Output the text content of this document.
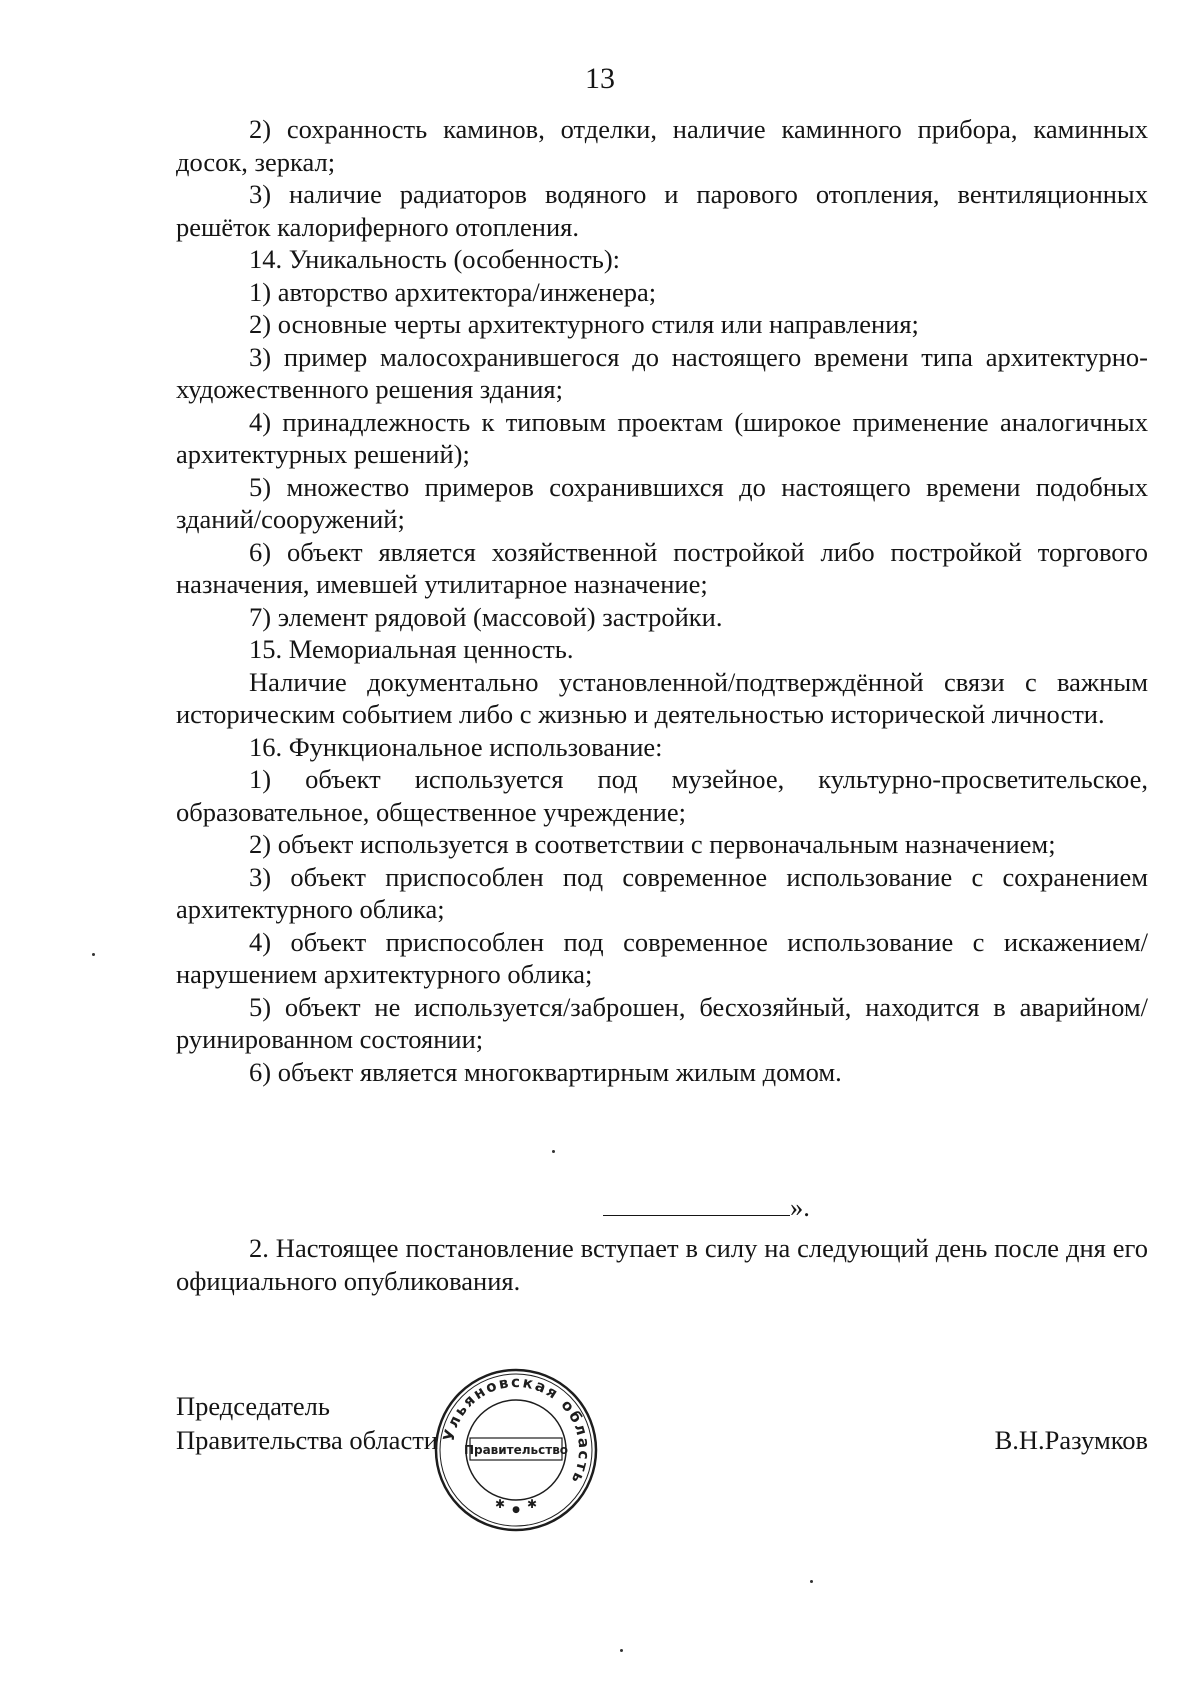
13

2) сохранность каминов, отделки, наличие каминного прибора, каминных досок, зеркал;

3) наличие радиаторов водяного и парового отопления, вентиляционных решёток калориферного отопления.

14. Уникальность (особенность):

1) авторство архитектора/инженера;

2) основные черты архитектурного стиля или направления;

3) пример малосохранившегося до настоящего времени типа архитектурно-художественного решения здания;

4) принадлежность к типовым проектам (широкое применение аналогичных архитектурных решений);

5) множество примеров сохранившихся до настоящего времени подобных зданий/сооружений;

6) объект является хозяйственной постройкой либо постройкой торгового назначения, имевшей утилитарное назначение;

7) элемент рядовой (массовой) застройки.

15. Мемориальная ценность.

Наличие документально установленной/подтверждённой связи с важным историческим событием либо с жизнью и деятельностью исторической личности.

16. Функциональное использование:

1) объект используется под музейное, культурно-просветительское, образовательное, общественное учреждение;

2) объект используется в соответствии с первоначальным назначением;

3) объект приспособлен под современное использование с сохранением архитектурного облика;

4) объект приспособлен под современное использование с искажением/нарушением архитектурного облика;

5) объект не используется/заброшен, бесхозяйный, находится в аварийном/руинированном состоянии;

6) объект является многоквартирным жилым домом.

».

2. Настоящее постановление вступает в силу на следующий день после дня его официального опубликования.

Председатель
Правительства области	В.Н.Разумков
Ульяновская область
Правительство
✱ ● ✱
